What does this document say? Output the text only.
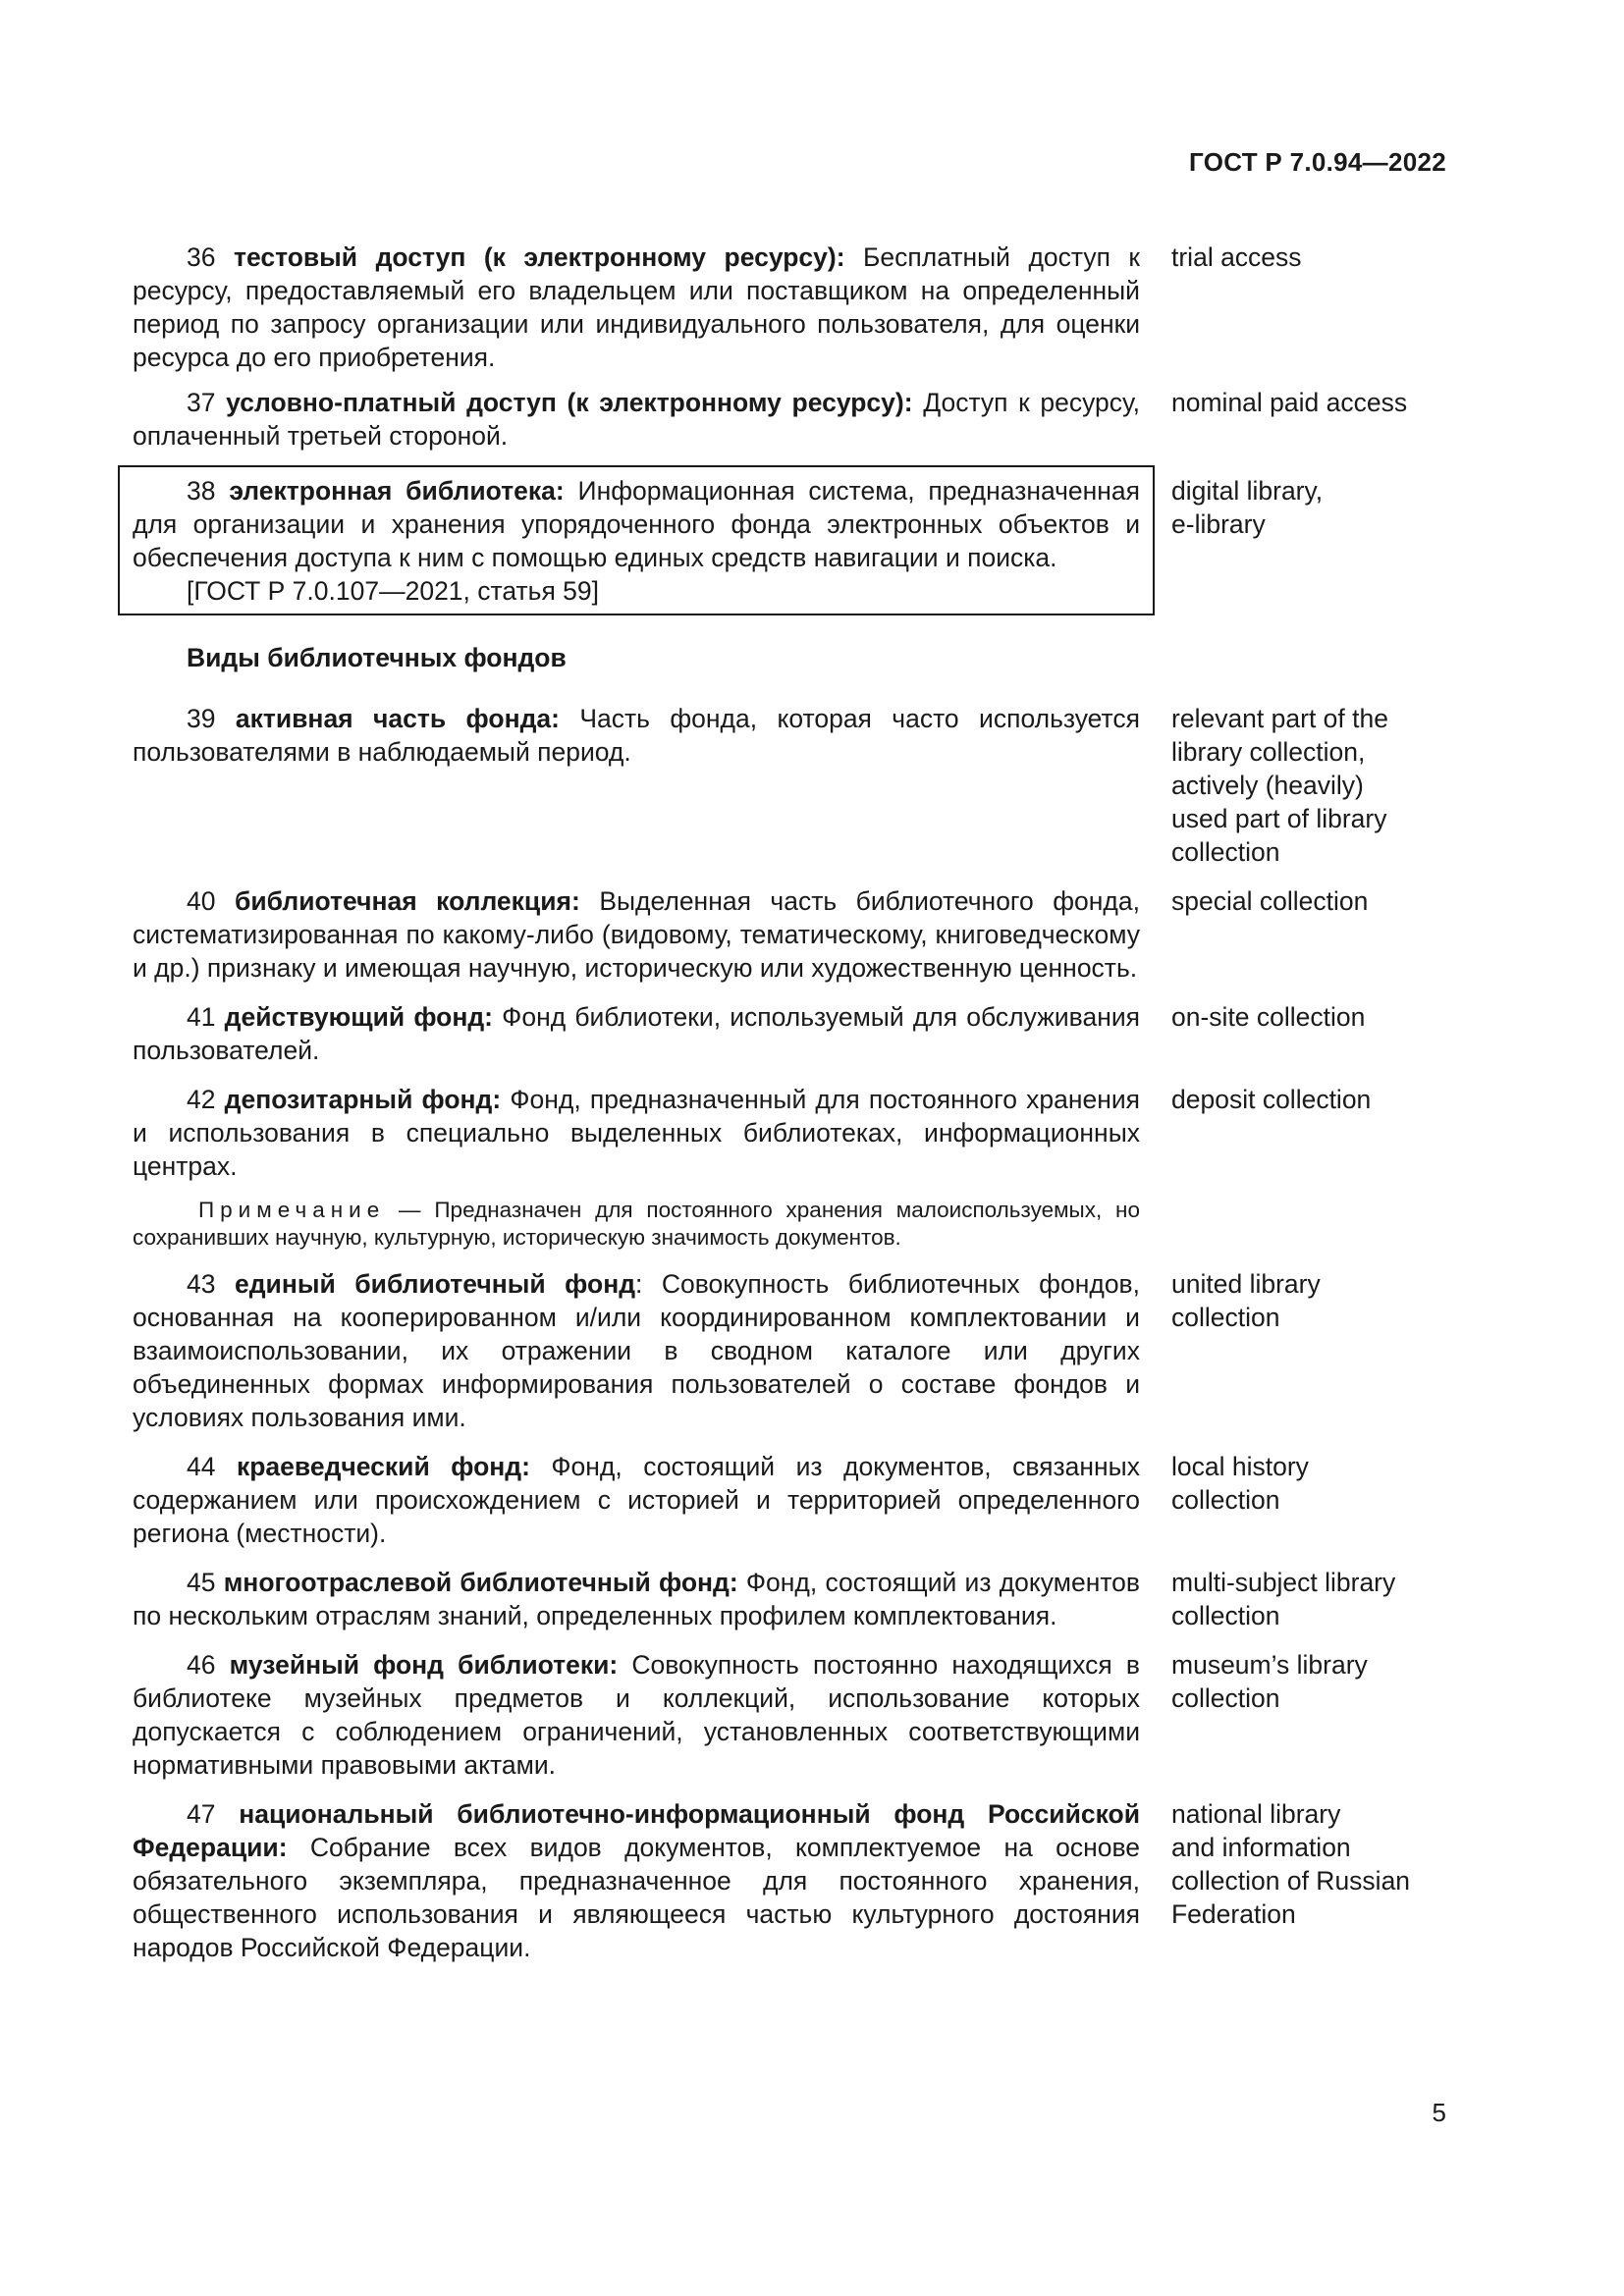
ГОСТ Р 7.0.94—2022
36 тестовый доступ (к электронному ресурсу): Бесплатный доступ к ресурсу, предоставляемый его владельцем или поставщиком на определенный период по запросу организации или индивидуального пользователя, для оценки ресурса до его приобретения.
trial access
37 условно-платный доступ (к электронному ресурсу): Доступ к ресурсу, оплаченный третьей стороной.
nominal paid access
38 электронная библиотека: Информационная система, предназначенная для организации и хранения упорядоченного фонда электронных объектов и обеспечения доступа к ним с помощью единых средств навигации и поиска.
[ГОСТ Р 7.0.107—2021, статья 59]
digital library,
e-library
Виды библиотечных фондов
39 активная часть фонда: Часть фонда, которая часто используется пользователями в наблюдаемый период.
relevant part of the
library collection,
actively (heavily)
used part of library
collection
40 библиотечная коллекция: Выделенная часть библиотечного фонда, систематизированная по какому-либо (видовому, тематическому, книговедческому и др.) признаку и имеющая научную, историческую или художественную ценность.
special collection
41 действующий фонд: Фонд библиотеки, используемый для обслуживания пользователей.
on-site collection
42 депозитарный фонд: Фонд, предназначенный для постоянного хранения и использования в специально выделенных библиотеках, информационных центрах.
deposit collection
Примечание — Предназначен для постоянного хранения малоиспользуемых, но сохранивших научную, культурную, историческую значимость документов.
43 единый библиотечный фонд: Совокупность библиотечных фондов, основанная на кооперированном и/или координированном комплектовании и взаимоиспользовании, их отражении в сводном каталоге или других объединенных формах информирования пользователей о составе фондов и условиях пользования ими.
united library
collection
44 краеведческий фонд: Фонд, состоящий из документов, связанных содержанием или происхождением с историей и территорией определенного региона (местности).
local history
collection
45 многоотраслевой библиотечный фонд: Фонд, состоящий из документов по нескольким отраслям знаний, определенных профилем комплектования.
multi-subject library
collection
46 музейный фонд библиотеки: Совокупность постоянно находящихся в библиотеке музейных предметов и коллекций, использование которых допускается с соблюдением ограничений, установленных соответствующими нормативными правовыми актами.
museum’s library
collection
47 национальный библиотечно-информационный фонд Российской Федерации: Собрание всех видов документов, комплектуемое на основе обязательного экземпляра, предназначенное для постоянного хранения, общественного использования и являющееся частью культурного достояния народов Российской Федерации.
national library
and information
collection of Russian
Federation
5
